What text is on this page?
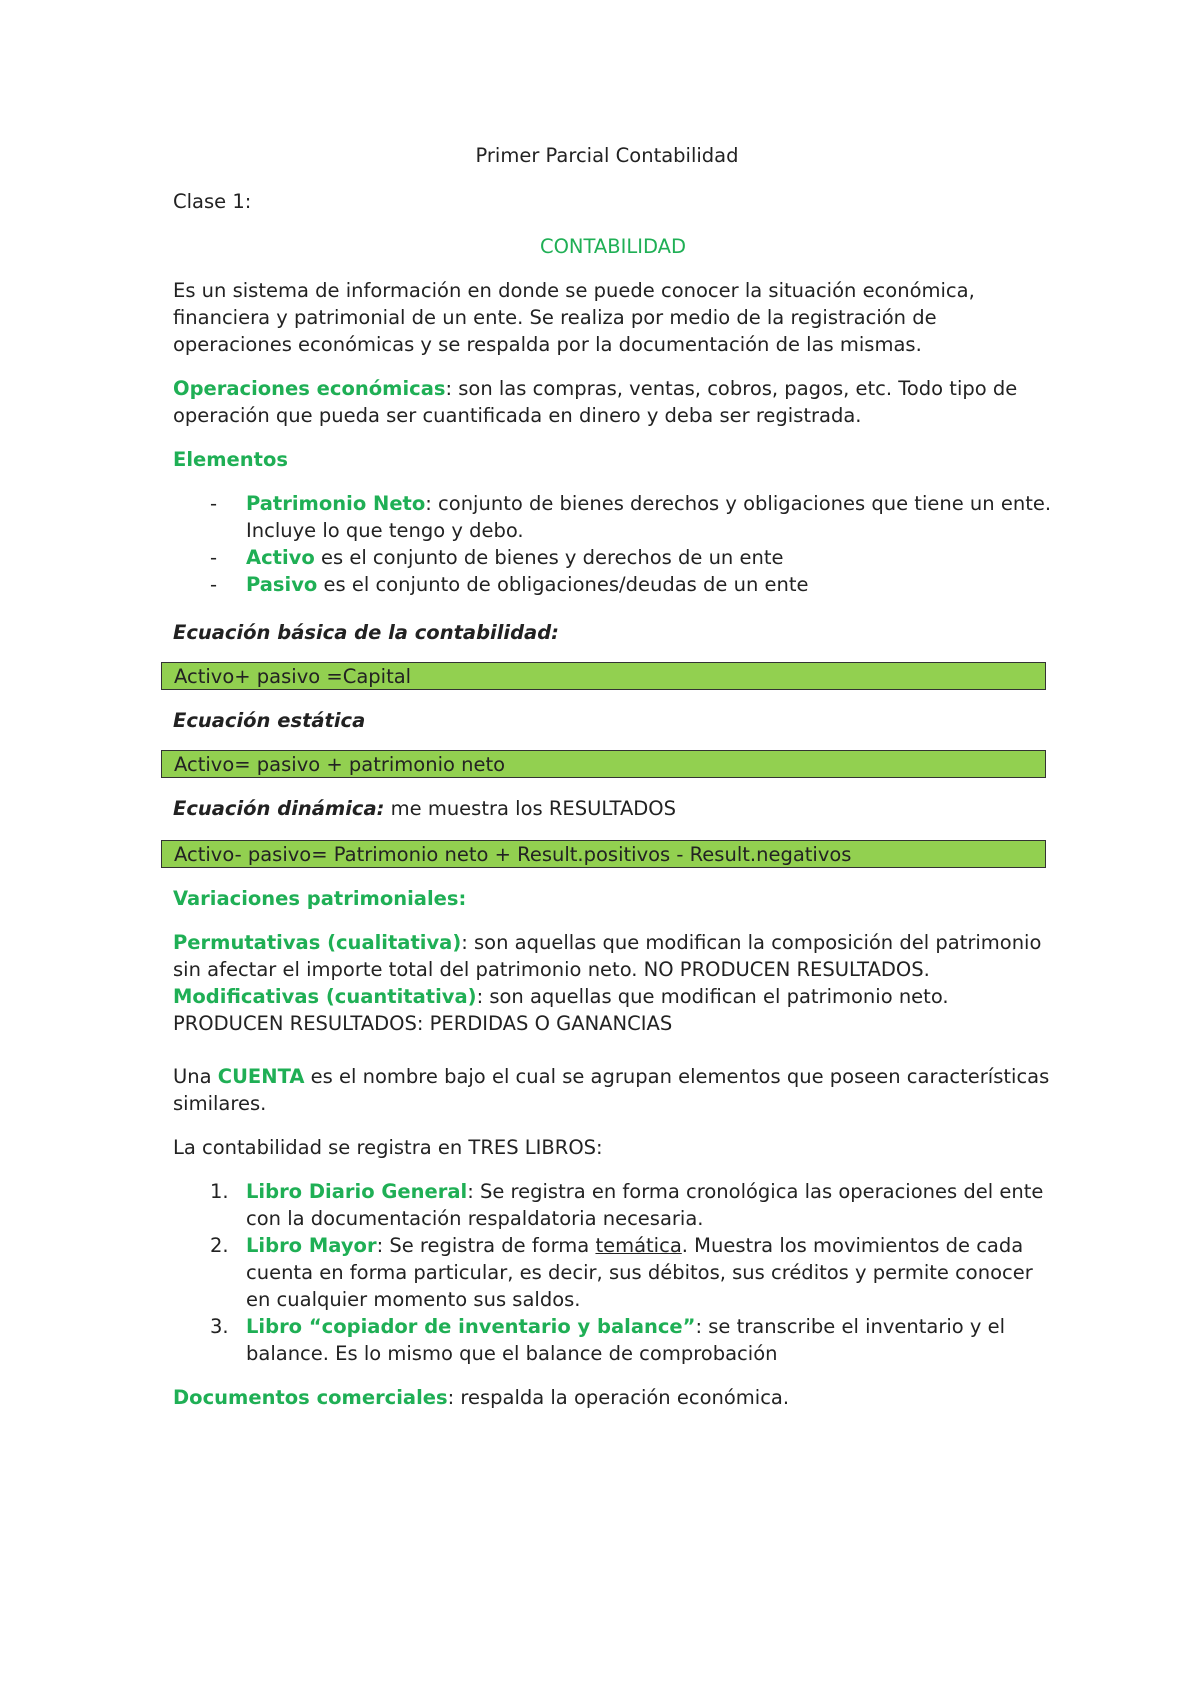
Primer Parcial Contabilidad

Clase 1:

CONTABILIDAD

Es un sistema de información en donde se puede conocer la situación económica, financiera y patrimonial de un ente. Se realiza por medio de la registración de operaciones económicas y se respalda por la documentación de las mismas.

Operaciones económicas: son las compras, ventas, cobros, pagos, etc. Todo tipo de operación que pueda ser cuantificada en dinero y deba ser registrada.

Elementos

- Patrimonio Neto: conjunto de bienes derechos y obligaciones que tiene un ente. Incluye lo que tengo y debo.
- Activo es el conjunto de bienes y derechos de un ente
- Pasivo es el conjunto de obligaciones/deudas de un ente

Ecuación básica de la contabilidad:

Activo+ pasivo =Capital

Ecuación estática

Activo= pasivo + patrimonio neto

Ecuación dinámica: me muestra los RESULTADOS

Activo- pasivo= Patrimonio neto + Result.positivos - Result.negativos

Variaciones patrimoniales:

Permutativas (cualitativa): son aquellas que modifican la composición del patrimonio sin afectar el importe total del patrimonio neto. NO PRODUCEN RESULTADOS.

Modificativas (cuantitativa): son aquellas que modifican el patrimonio neto. PRODUCEN RESULTADOS: PERDIDAS O GANANCIAS

Una CUENTA es el nombre bajo el cual se agrupan elementos que poseen características similares.

La contabilidad se registra en TRES LIBROS:

1. Libro Diario General: Se registra en forma cronológica las operaciones del ente con la documentación respaldatoria necesaria.
2. Libro Mayor: Se registra de forma temática. Muestra los movimientos de cada cuenta en forma particular, es decir, sus débitos, sus créditos y permite conocer en cualquier momento sus saldos.
3. Libro “copiador de inventario y balance”: se transcribe el inventario y el balance. Es lo mismo que el balance de comprobación

Documentos comerciales: respalda la operación económica.
